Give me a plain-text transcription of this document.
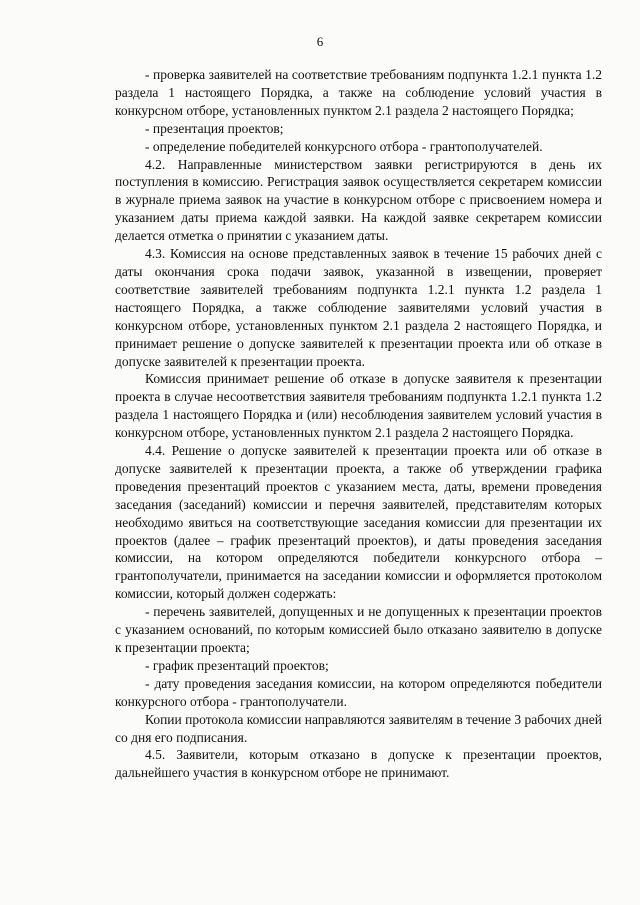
6

- проверка заявителей на соответствие требованиям подпункта 1.2.1 пункта 1.2 раздела 1 настоящего Порядка, а также на соблюдение условий участия в конкурсном отборе, установленных пунктом 2.1 раздела 2 настоящего Порядка;

- презентация проектов;

- определение победителей конкурсного отбора - грантополучателей.

4.2. Направленные министерством заявки регистрируются в день их поступления в комиссию. Регистрация заявок осуществляется секретарем комиссии в журнале приема заявок на участие в конкурсном отборе с присвоением номера и указанием даты приема каждой заявки. На каждой заявке секретарем комиссии делается отметка о принятии с указанием даты.

4.3. Комиссия на основе представленных заявок в течение 15 рабочих дней с даты окончания срока подачи заявок, указанной в извещении, проверяет соответствие заявителей требованиям подпункта 1.2.1 пункта 1.2 раздела 1 настоящего Порядка, а также соблюдение заявителями условий участия в конкурсном отборе, установленных пунктом 2.1 раздела 2 настоящего Порядка, и принимает решение о допуске заявителей к презентации проекта или об отказе в допуске заявителей к презентации проекта.

Комиссия принимает решение об отказе в допуске заявителя к презентации проекта в случае несоответствия заявителя требованиям подпункта 1.2.1 пункта 1.2 раздела 1 настоящего Порядка и (или) несоблюдения заявителем условий участия в конкурсном отборе, установленных пунктом 2.1 раздела 2 настоящего Порядка.

4.4. Решение о допуске заявителей к презентации проекта или об отказе в допуске заявителей к презентации проекта, а также об утверждении графика проведения презентаций проектов с указанием места, даты, времени проведения заседания (заседаний) комиссии и перечня заявителей, представителям которых необходимо явиться на соответствующие заседания комиссии для презентации их проектов (далее – график презентаций проектов), и даты проведения заседания комиссии, на котором определяются победители конкурсного отбора – грантополучатели, принимается на заседании комиссии и оформляется протоколом комиссии, который должен содержать:

- перечень заявителей, допущенных и не допущенных к презентации проектов с указанием оснований, по которым комиссией было отказано заявителю в допуске к презентации проекта;

- график презентаций проектов;

- дату проведения заседания комиссии, на котором определяются победители конкурсного отбора - грантополучатели.

Копии протокола комиссии направляются заявителям в течение 3 рабочих дней со дня его подписания.

4.5. Заявители, которым отказано в допуске к презентации проектов, дальнейшего участия в конкурсном отборе не принимают.
